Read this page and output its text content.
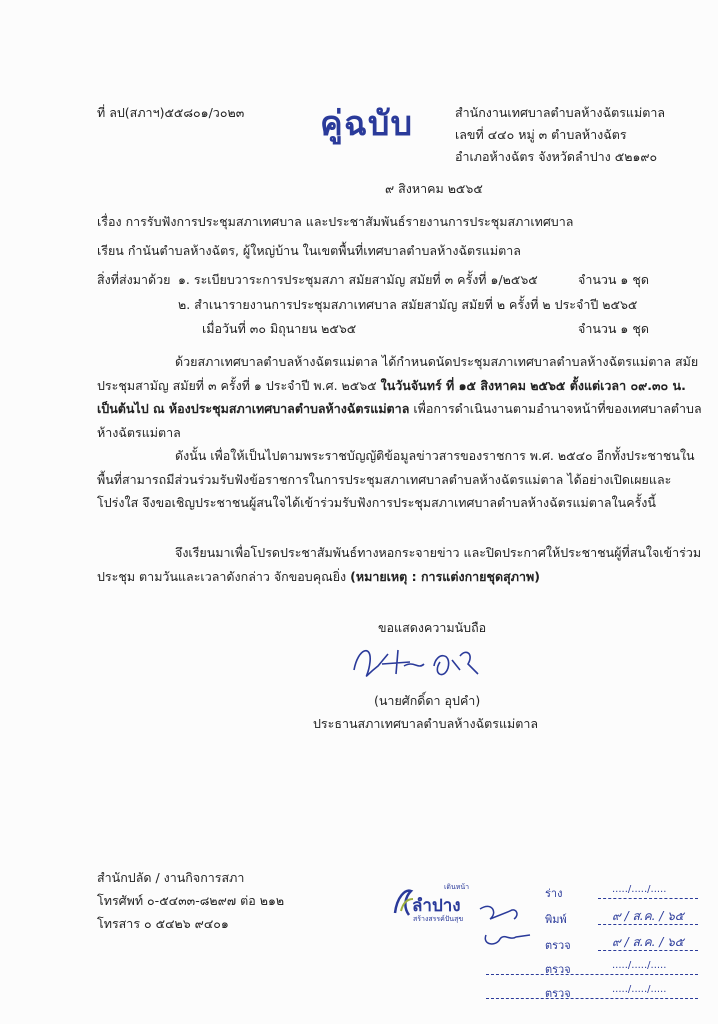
ที่ ลป(สภาฯ)๕๕๘๐๑/ว๐๒๓ คู่ฉบับ	สำนักงานเทศบาลตำบลห้างฉัตรแม่ตาล
เลขที่ ๔๔๐ หมู่ ๓ ตำบลห้างฉัตร
อำเภอห้างฉัตร จังหวัดลำปาง ๕๒๑๙๐
๙ สิงหาคม ๒๕๖๕
เรื่อง การรับฟังการประชุมสภาเทศบาล และประชาสัมพันธ์รายงานการประชุมสภาเทศบาล
เรียน กำนันตำบลห้างฉัตร, ผู้ใหญ่บ้าน ในเขตพื้นที่เทศบาลตำบลห้างฉัตรแม่ตาล
สิ่งที่ส่งมาด้วย ๑. ระเบียบวาระการประชุมสภา สมัยสามัญ สมัยที่ ๓ ครั้งที่ ๑/๒๕๖๕	จำนวน ๑ ชุด
๒. สำเนารายงานการประชุมสภาเทศบาล สมัยสามัญ สมัยที่ ๒ ครั้งที่ ๒ ประจำปี ๒๕๖๕
เมื่อวันที่ ๓๐ มิถุนายน ๒๕๖๕	จำนวน ๑ ชุด
ด้วยสภาเทศบาลตำบลห้างฉัตรแม่ตาล ได้กำหนดนัดประชุมสภาเทศบาลตำบลห้างฉัตรแม่ตาล สมัยประชุมสามัญ สมัยที่ ๓ ครั้งที่ ๑ ประจำปี พ.ศ. ๒๕๖๕ ในวันจันทร์ ที่ ๑๕ สิงหาคม ๒๕๖๕ ตั้งแต่เวลา ๐๙.๓๐ น. เป็นต้นไป ณ ห้องประชุมสภาเทศบาลตำบลห้างฉัตรแม่ตาล เพื่อการดำเนินงานตามอำนาจหน้าที่ของเทศบาลตำบลห้างฉัตรแม่ตาล
ดังนั้น เพื่อให้เป็นไปตามพระราชบัญญัติข้อมูลข่าวสารของราชการ พ.ศ. ๒๕๔๐ อีกทั้งประชาชนในพื้นที่สามารถมีส่วนร่วมรับฟังข้อราชการในการประชุมสภาเทศบาลตำบลห้างฉัตรแม่ตาล ได้อย่างเปิดเผยและโปร่งใส จึงขอเชิญประชาชนผู้สนใจได้เข้าร่วมรับฟังการประชุมสภาเทศบาลตำบลห้างฉัตรแม่ตาลในครั้งนี้
จึงเรียนมาเพื่อโปรดประชาสัมพันธ์ทางหอกระจายข่าว และปิดประกาศให้ประชาชนผู้ที่สนใจเข้าร่วมประชุม ตามวันและเวลาดังกล่าว จักขอบคุณยิ่ง (หมายเหตุ : การแต่งกายชุดสุภาพ)
ขอแสดงความนับถือ
(นายศักดิ์ดา อุปคำ)
ประธานสภาเทศบาลตำบลห้างฉัตรแม่ตาล
สำนักปลัด / งานกิจการสภา
โทรศัพท์ ๐-๕๔๓๓-๘๒๙๗ ต่อ ๒๑๒
โทรสาร ๐ ๕๔๒๖ ๙๔๐๑
เดินหน้า
ลำปาง
สร้างสรรค์ปันสุข
ร่าง	...../...../.....
พิมพ์	๙ / ส.ค. / ๖๕
ตรวจ	๙ / ส.ค. / ๖๕
ตรวจ	...../...../.....
ตรวจ	...../...../.....
